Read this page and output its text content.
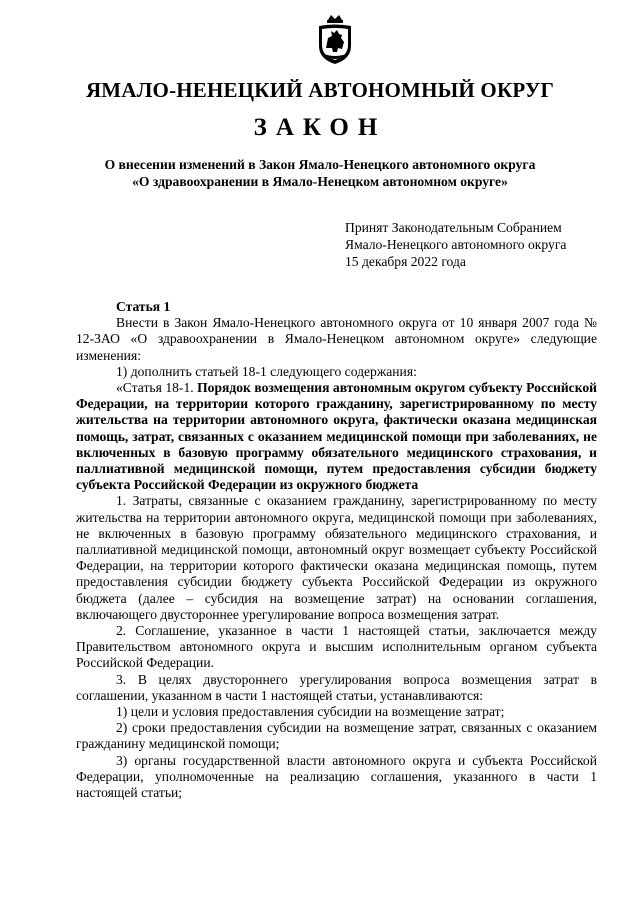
ЯМАЛО-НЕНЕЦКИЙ АВТОНОМНЫЙ ОКРУГ
ЗАКОН
О внесении изменений в Закон Ямало-Ненецкого автономного округа
«О здравоохранении в Ямало-Ненецком автономном округе»
Принят Законодательным Собранием
Ямало-Ненецкого автономного округа
15 декабря 2022 года

Статья 1

Внести в Закон Ямало-Ненецкого автономного округа от 10 января 2007 года № 12-ЗАО «О здравоохранении в Ямало-Ненецком автономном округе» следующие изменения:

1) дополнить статьей 18-1 следующего содержания:

«Статья 18-1. Порядок возмещения автономным округом субъекту Российской Федерации, на территории которого гражданину, зарегистрированному по месту жительства на территории автономного округа, фактически оказана медицинская помощь, затрат, связанных с оказанием медицинской помощи при заболеваниях, не включенных в базовую программу обязательного медицинского страхования, и паллиативной медицинской помощи, путем предоставления субсидии бюджету субъекта Российской Федерации из окружного бюджета

1. Затраты, связанные с оказанием гражданину, зарегистрированному по месту жительства на территории автономного округа, медицинской помощи при заболеваниях, не включенных в базовую программу обязательного медицинского страхования, и паллиативной медицинской помощи, автономный округ возмещает субъекту Российской Федерации, на территории которого фактически оказана медицинская помощь, путем предоставления субсидии бюджету субъекта Российской Федерации из окружного бюджета (далее – субсидия на возмещение затрат) на основании соглашения, включающего двустороннее урегулирование вопроса возмещения затрат.

2. Соглашение, указанное в части 1 настоящей статьи, заключается между Правительством автономного округа и высшим исполнительным органом субъекта Российской Федерации.

3. В целях двустороннего урегулирования вопроса возмещения затрат в соглашении, указанном в части 1 настоящей статьи, устанавливаются:

1) цели и условия предоставления субсидии на возмещение затрат;

2) сроки предоставления субсидии на возмещение затрат, связанных с оказанием гражданину медицинской помощи;

3) органы государственной власти автономного округа и субъекта Российской Федерации, уполномоченные на реализацию соглашения, указанного в части 1 настоящей статьи;
